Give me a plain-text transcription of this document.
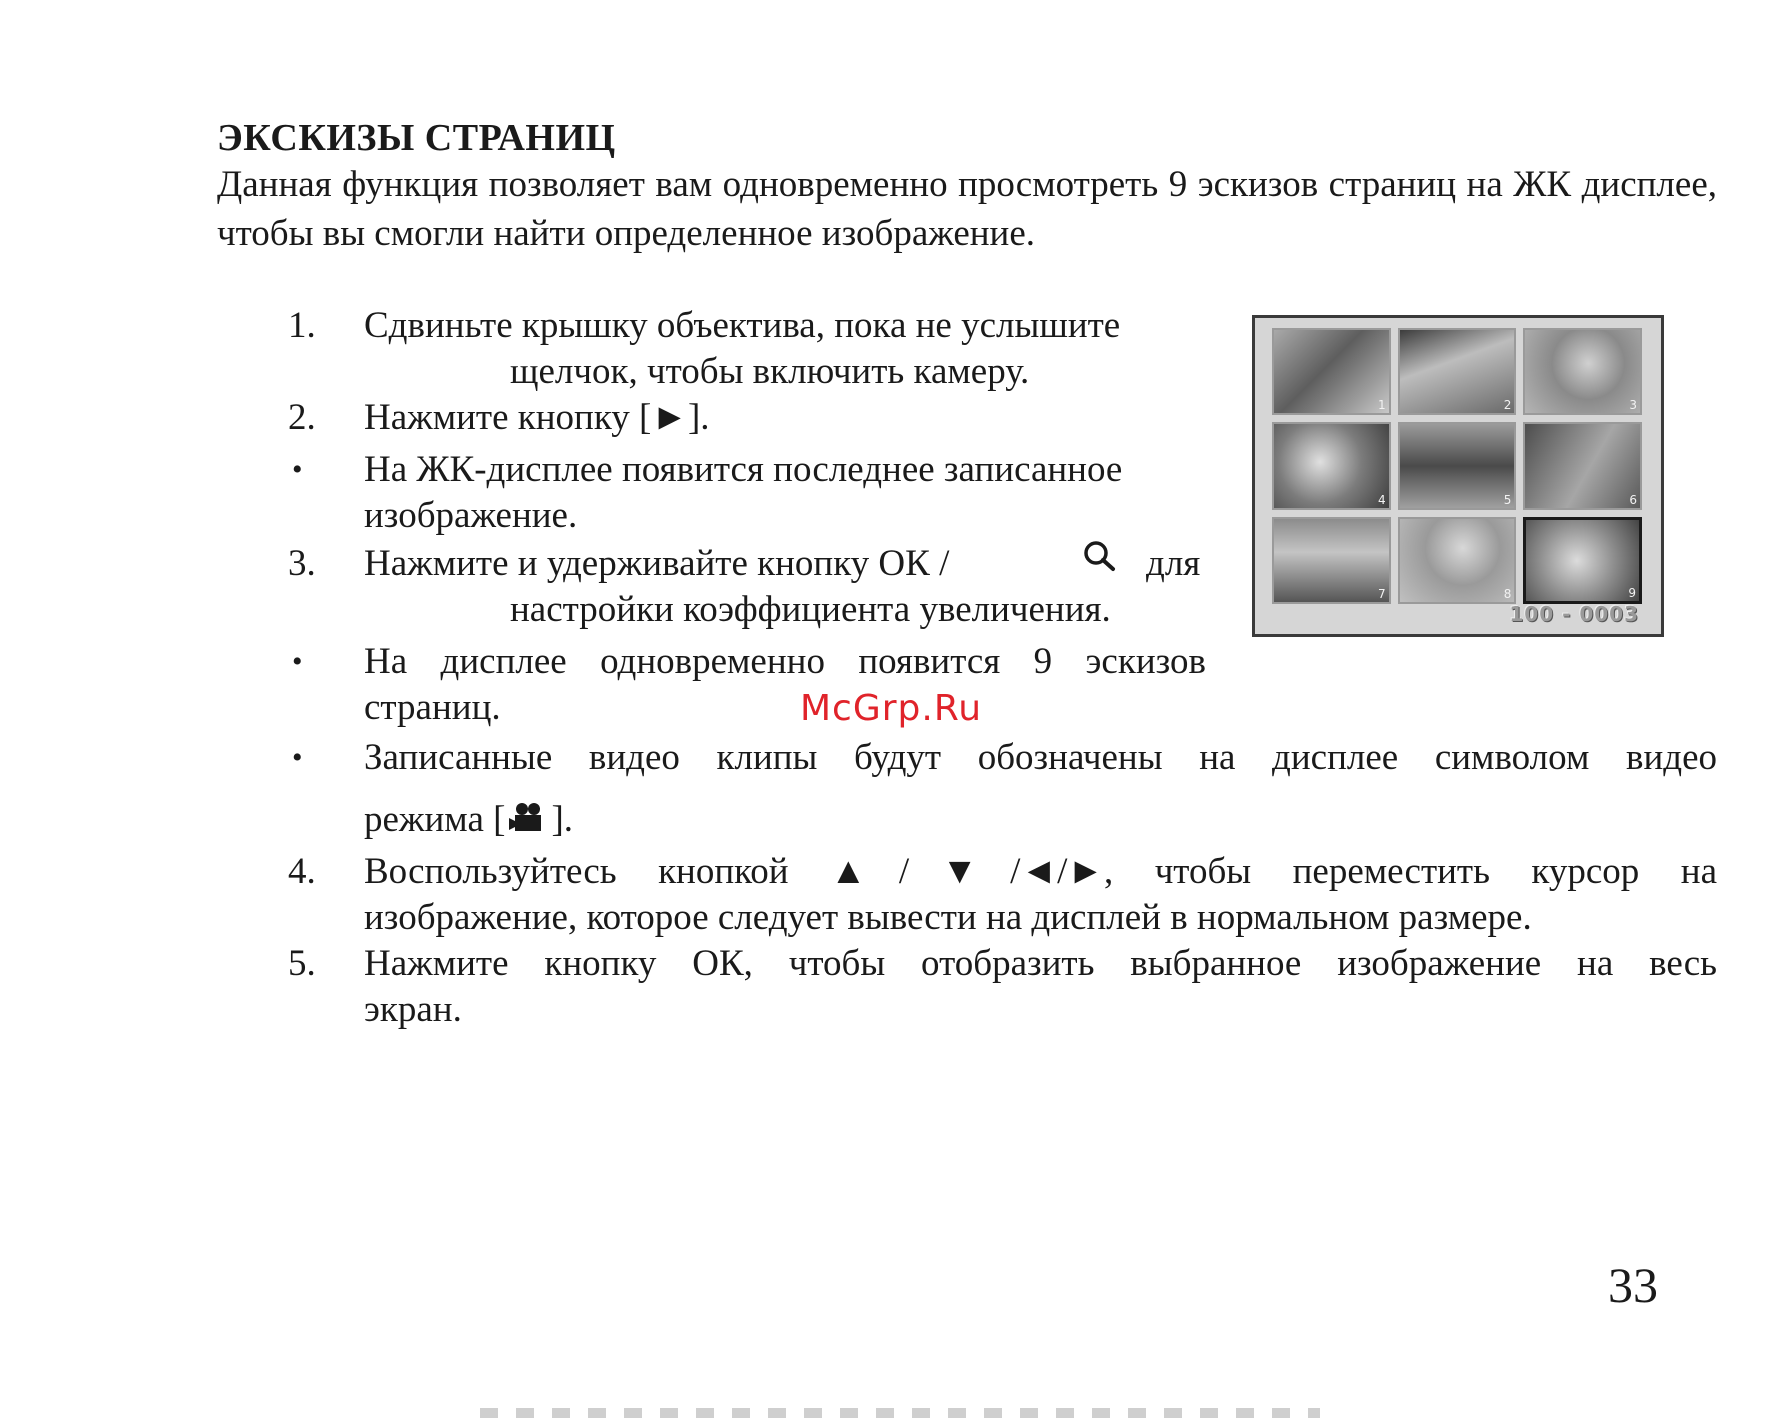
ЭКСКИЗЫ СТРАНИЦ
Данная функция позволяет вам одновременно просмотреть 9 эскизов страниц на ЖК дисплее, чтобы вы смогли найти определенное изображение.
1. Сдвиньте крышку объектива, пока не услышите
щелчок, чтобы включить камеру.
2. Нажмите кнопку [►].
• На ЖК-дисплее появится последнее записанное
изображение.
3. Нажмите и удерживайте кнопку ОК /	для
настройки коэффициента увеличения.
• На дисплее одновременно появится 9 эскизов
страниц.
• Записанные видео клипы будут обозначены на дисплее символом видео
режима [ ].
4. Воспользуйтесь кнопкой ▲/▼/◄/►, чтобы переместить курсор на
изображение, которое следует вывести на дисплей в нормальном размере.
5. Нажмите кнопку ОК, чтобы отобразить выбранное изображение на весь
экран.
1	2	3
4	5	6
7	8	9
100 - 0003
McGrp.Ru
33
